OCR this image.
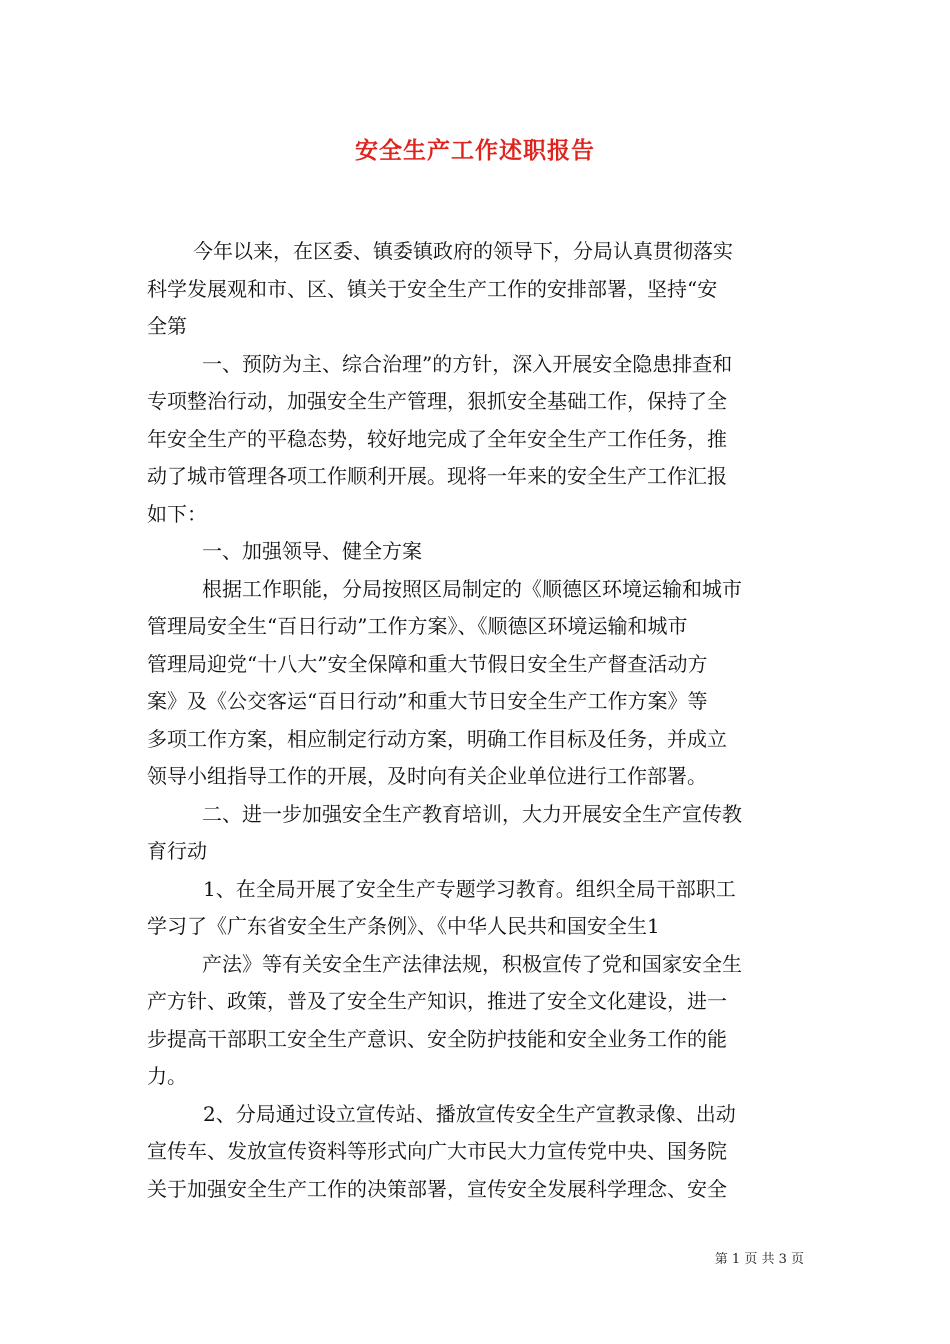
安全生产工作述职报告
今年以来，在区委、镇委镇政府的领导下，分局认真贯彻落实
科学发展观和市、区、镇关于安全生产工作的安排部署，坚持“安
全第
一、预防为主、综合治理”的方针，深入开展安全隐患排查和
专项整治行动，加强安全生产管理，狠抓安全基础工作，保持了全
年安全生产的平稳态势，较好地完成了全年安全生产工作任务，推
动了城市管理各项工作顺利开展。现将一年来的安全生产工作汇报
如下：
一、加强领导、健全方案
根据工作职能，分局按照区局制定的《顺德区环境运输和城市
管理局安全生“百日行动”工作方案》、《顺德区环境运输和城市
管理局迎党“十八大”安全保障和重大节假日安全生产督查活动方
案》及《公交客运“百日行动”和重大节日安全生产工作方案》等
多项工作方案，相应制定行动方案，明确工作目标及任务，并成立
领导小组指导工作的开展，及时向有关企业单位进行工作部署。
二、进一步加强安全生产教育培训，大力开展安全生产宣传教
育行动
1、在全局开展了安全生产专题学习教育。组织全局干部职工
学习了《广东省安全生产条例》、《中华人民共和国安全生1
产法》等有关安全生产法律法规，积极宣传了党和国家安全生
产方针、政策，普及了安全生产知识，推进了安全文化建设，进一
步提高干部职工安全生产意识、安全防护技能和安全业务工作的能
力。
2、分局通过设立宣传站、播放宣传安全生产宣教录像、出动
宣传车、发放宣传资料等形式向广大市民大力宣传党中央、国务院
关于加强安全生产工作的决策部署，宣传安全发展科学理念、安全
第 1 页 共 3 页
